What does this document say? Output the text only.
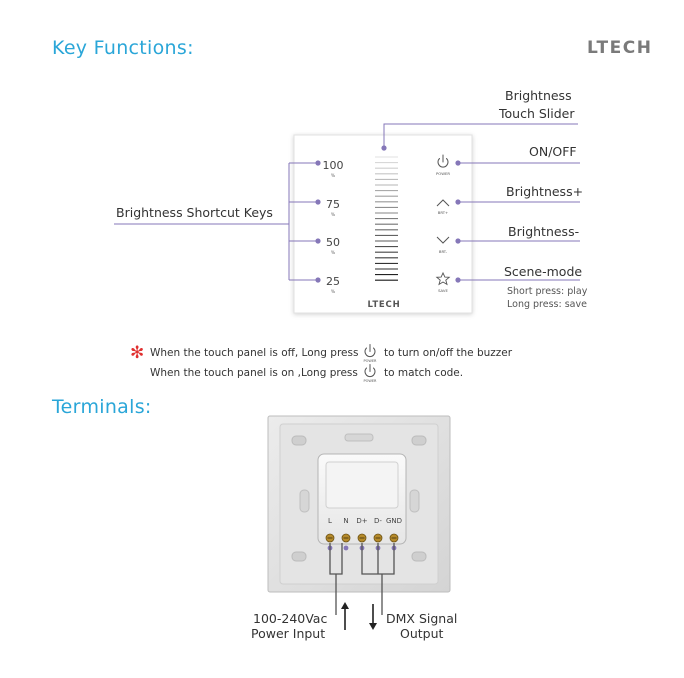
Key Functions:	LTECH
Terminals:
LTECH
100
%
75
%
50
%
25
%
POWER
BRT+
BRT-
SAVE
Brightness
Touch Slider
ON/OFF
Brightness+
Brightness-
Scene-mode
Short press: play
Long press: save
Brightness Shortcut Keys
✻ When the touch panel is off, Long press
POWER
to turn on/off the buzzer
When the touch panel is on ,Long press
POWER
to match code.
L N D+ D- GND
100-240Vac
Power Input
DMX Signal
Output
